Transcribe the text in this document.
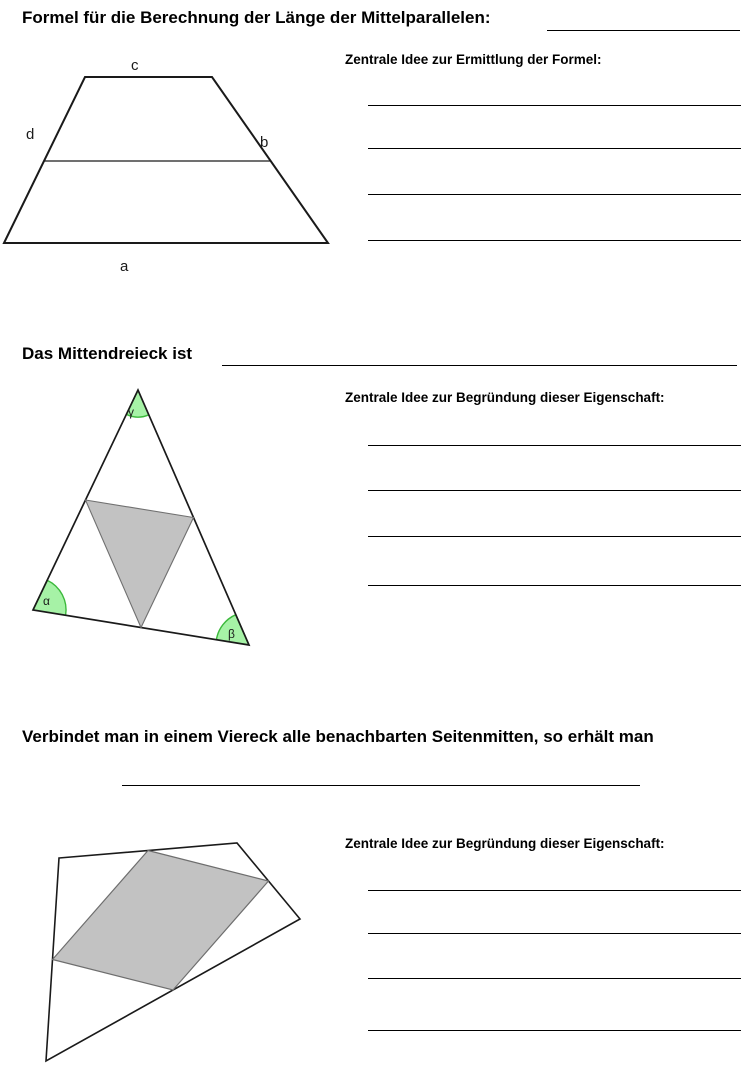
Formel für die Berechnung der Länge der Mittelparallelen:
c
d	b
a
Zentrale Idee zur Ermittlung der Formel:
Das Mittendreieck ist
γ
α
β
Zentrale Idee zur Begründung dieser Eigenschaft:
Verbindet man in einem Viereck alle benachbarten Seitenmitten, so erhält man
Zentrale Idee zur Begründung dieser Eigenschaft:
